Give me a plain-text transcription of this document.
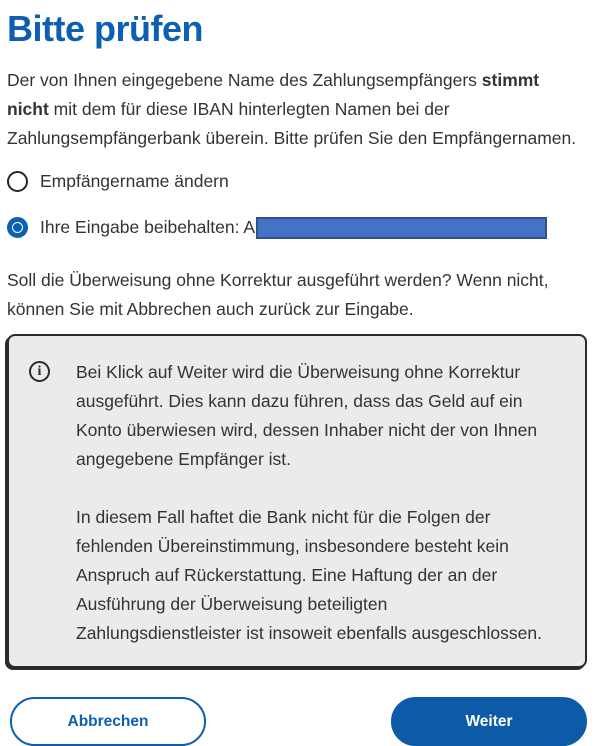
Bitte prüfen

Der von Ihnen eingegebene Name des Zahlungsempfängers stimmt nicht mit dem für diese IBAN hinterlegten Namen bei der Zahlungsempfängerbank überein. Bitte prüfen Sie den Empfängernamen.

Empfängername ändern
Ihre Eingabe beibehalten: A

Soll die Überweisung ohne Korrektur ausgeführt werden? Wenn nicht, können Sie mit Abbrechen auch zurück zur Eingabe.

i	Bei Klick auf Weiter wird die Überweisung ohne Korrektur ausgeführt. Dies kann dazu führen, dass das Geld auf ein Konto überwiesen wird, dessen Inhaber nicht der von Ihnen angegebene Empfänger ist.

In diesem Fall haftet die Bank nicht für die Folgen der fehlenden Übereinstimmung, insbesondere besteht kein Anspruch auf Rückerstattung. Eine Haftung der an der Ausführung der Überweisung beteiligten Zahlungsdienstleister ist insoweit ebenfalls ausgeschlossen.

Abbrechen	Weiter
